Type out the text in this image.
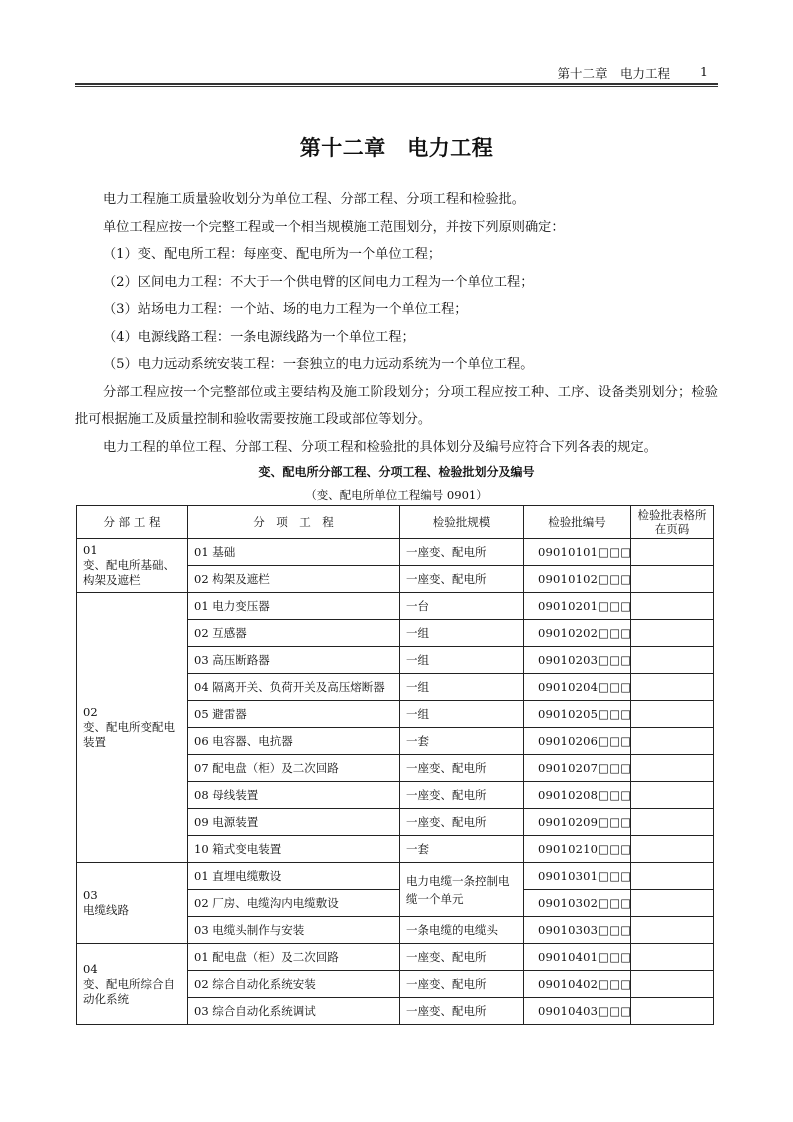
第十二章　电力工程 1
第十二章　电力工程

电力工程施工质量验收划分为单位工程、分部工程、分项工程和检验批。

单位工程应按一个完整工程或一个相当规模施工范围划分，并按下列原则确定：

（1）变、配电所工程：每座变、配电所为一个单位工程；

（2）区间电力工程：不大于一个供电臂的区间电力工程为一个单位工程；

（3）站场电力工程：一个站、场的电力工程为一个单位工程；

（4）电源线路工程：一条电源线路为一个单位工程；

（5）电力远动系统安装工程：一套独立的电力远动系统为一个单位工程。

分部工程应按一个完整部位或主要结构及施工阶段划分；分项工程应按工种、工序、设备类别划分；检验批可根据施工及质量控制和验收需要按施工段或部位等划分。

电力工程的单位工程、分部工程、分项工程和检验批的具体划分及编号应符合下列各表的规定。

变、配电所分部工程、分项工程、检验批划分及编号
（变、配电所单位工程编号 0901）
分 部 工 程	分　项　工　程	检验批规模	检验批编号	检验批表格所在页码

01
变、配电所基础、构架及遮栏	01 基础	一座变、配电所	09010101□□□	
	02 构架及遮栏	一座变、配电所	09010102□□□	

02
变、配电所变配电装置	01 电力变压器	一台	09010201□□□	
	02 互感器	一组	09010202□□□	
	03 高压断路器	一组	09010203□□□	
	04 隔离开关、负荷开关及高压熔断器	一组	09010204□□□	
	05 避雷器	一组	09010205□□□	
	06 电容器、电抗器	一套	09010206□□□	
	07 配电盘（柜）及二次回路	一座变、配电所	09010207□□□	
	08 母线装置	一座变、配电所	09010208□□□	
	09 电源装置	一座变、配电所	09010209□□□	
	10 箱式变电装置	一套	09010210□□□	

03
电缆线路	01 直埋电缆敷设	电力电缆一条控制电缆一个单元	09010301□□□	
	02 厂房、电缆沟内电缆敷设		09010302□□□	
	03 电缆头制作与安装	一条电缆的电缆头	09010303□□□	

04
变、配电所综合自动化系统	01 配电盘（柜）及二次回路	一座变、配电所	09010401□□□	
	02 综合自动化系统安装	一座变、配电所	09010402□□□	
	03 综合自动化系统调试	一座变、配电所	09010403□□□	
